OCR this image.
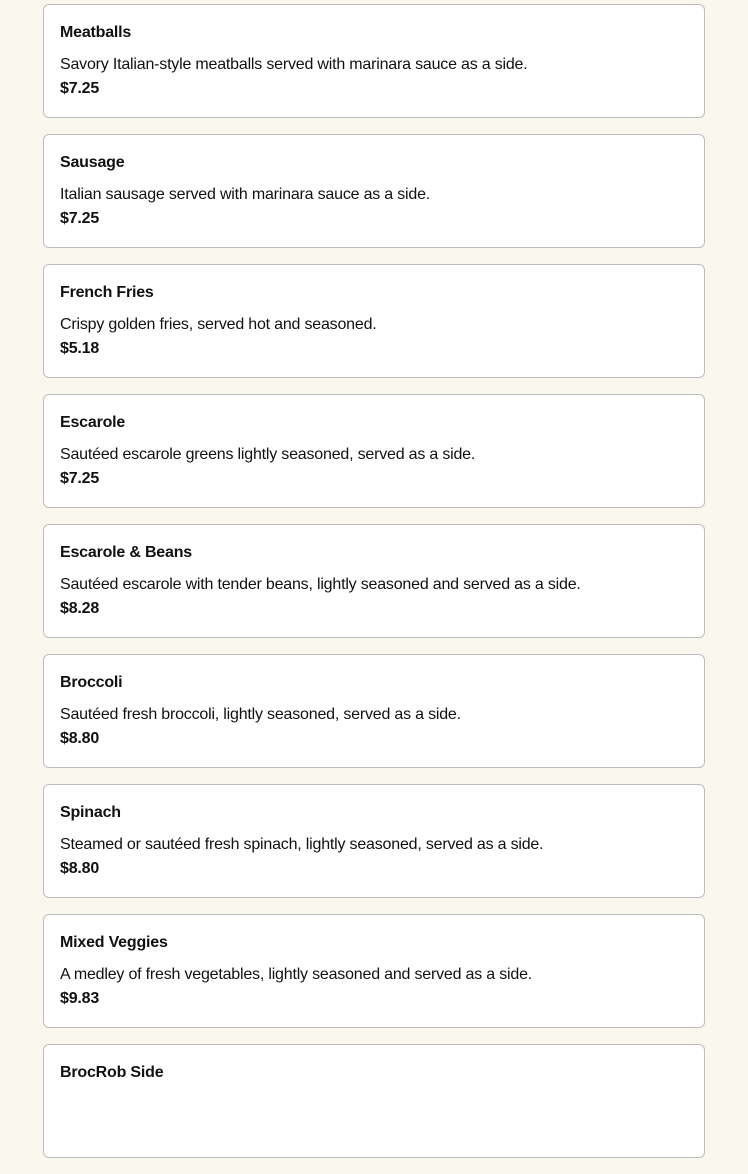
Meatballs
Savory Italian-style meatballs served with marinara sauce as a side.
$7.25
Sausage
Italian sausage served with marinara sauce as a side.
$7.25
French Fries
Crispy golden fries, served hot and seasoned.
$5.18
Escarole
Sautéed escarole greens lightly seasoned, served as a side.
$7.25
Escarole & Beans
Sautéed escarole with tender beans, lightly seasoned and served as a side.
$8.28
Broccoli
Sautéed fresh broccoli, lightly seasoned, served as a side.
$8.80
Spinach
Steamed or sautéed fresh spinach, lightly seasoned, served as a side.
$8.80
Mixed Veggies
A medley of fresh vegetables, lightly seasoned and served as a side.
$9.83
BrocRob Side
